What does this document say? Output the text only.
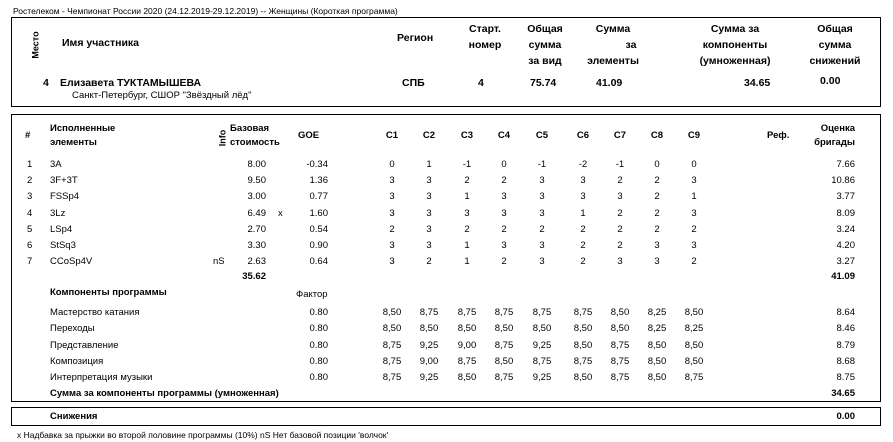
Ростелеком - Чемпионат России 2020 (24.12.2019-29.12.2019) -- Женщины (Короткая программа)
Место Имя участника	Регион
Старт.
номер
Общая
сумма
за вид
Сумма
за
элементы
Сумма за
компоненты
(умноженная)
Общая
сумма
снижений
4 Елизавета ТУКТАМЫШЕВА
Санкт-Петербург, СШОР "Звёздный лёд"
СПБ	4	75.74	41.09	34.65	0.00
#
Исполненные
элементы	Info
Базовая
стоимость
GOE	С1	С2	С3	С4	С5	С6	С7	С8	С9	Реф.
Оценка
бригады
1 3A	8.00	-0.34	0	1	-1	0	-1	-2	-1	0	0	7.66
2 3F+3T	9.50	1.36	3	3	2	2	3	3	2	2	3	10.86
3 FSSp4	3.00	0.77	3	3	1	3	3	3	3	2	1	3.77
4 3Lz	6.49 x	1.60	3	3	3	3	3	1	2	2	3	8.09
5 LSp4	2.70	0.54	2	3	2	2	2	2	2	2	2	3.24
6 StSq3	3.30	0.90	3	3	1	3	3	2	2	3	3	4.20
7 CCoSp4V	nS	2.63	0.64	3	2	1	2	3	2	3	3	2	3.27
35.62	41.09
Компоненты программы	Фактор
Мастерство катания	0.80	8,50	8,75	8,75	8,75	8,75	8,75	8,50	8,25	8,50	8.64
Переходы	0.80	8,50	8,50	8,50	8,50	8,50	8,50	8,50	8,25	8,25	8.46
Представление	0.80	8,75	9,25	9,00	8,75	9,25	8,50	8,75	8,50	8,50	8.79
Композиция	0.80	8,75	9,00	8,75	8,50	8,75	8,75	8,75	8,50	8,50	8.68
Интерпретация музыки	0.80	8,75	9,25	8,50	8,75	9,25	8,50	8,75	8,50	8,75	8.75
Сумма за компоненты программы (умноженная)	34.65
Снижения	0.00
x Надбавка за прыжки во второй половине программы (10%) nS Нет базовой позиции 'волчок'
